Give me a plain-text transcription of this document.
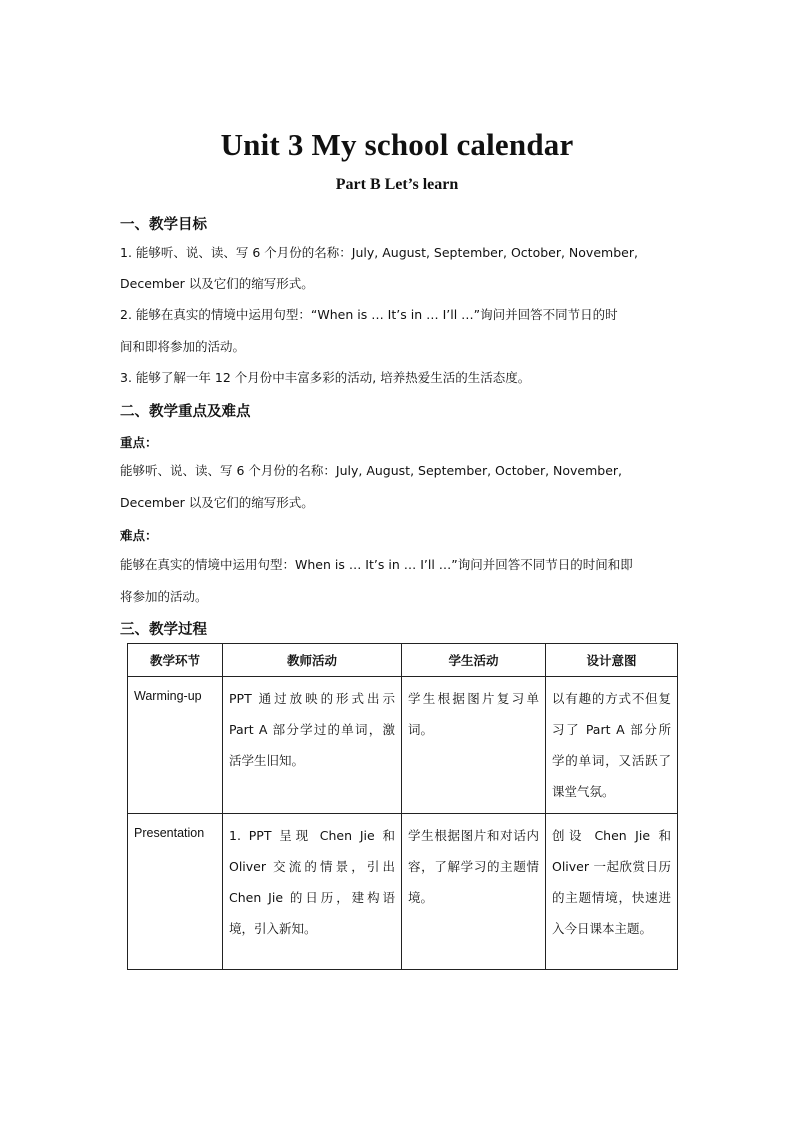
Unit 3 My school calendar
Part B Let’s learn
一、教学目标
1. 能够听、说、读、写 6 个月份的名称：July, August, September, October, November,
December 以及它们的缩写形式。
2. 能够在真实的情境中运用句型：“When is … It’s in … I’ll …”询问并回答不同节日的时
间和即将参加的活动。
3. 能够了解一年 12 个月份中丰富多彩的活动, 培养热爱生活的生活态度。
二、教学重点及难点
重点：
能够听、说、读、写 6 个月份的名称：July, August, September, October, November,
December 以及它们的缩写形式。
难点：
能够在真实的情境中运用句型：When is … It’s in … I’ll …”询问并回答不同节日的时间和即
将参加的活动。
三、教学过程
教学环节	教师活动	学生活动	设计意图
Warming-up	PPT 通过放映的形式出示 Part A 部分学过的单词，激活学生旧知。	学生根据图片复习单词。	以有趣的方式不但复习了 Part A 部分所学的单词，又活跃了课堂气氛。
Presentation	1. PPT 呈现 Chen Jie 和 Oliver 交流的情景，引出 Chen Jie 的日历，建构语境，引入新知。	学生根据图片和对话内容，了解学习的主题情境。	创设 Chen Jie 和 Oliver 一起欣赏日历的主题情境，快速进入今日课本主题。
